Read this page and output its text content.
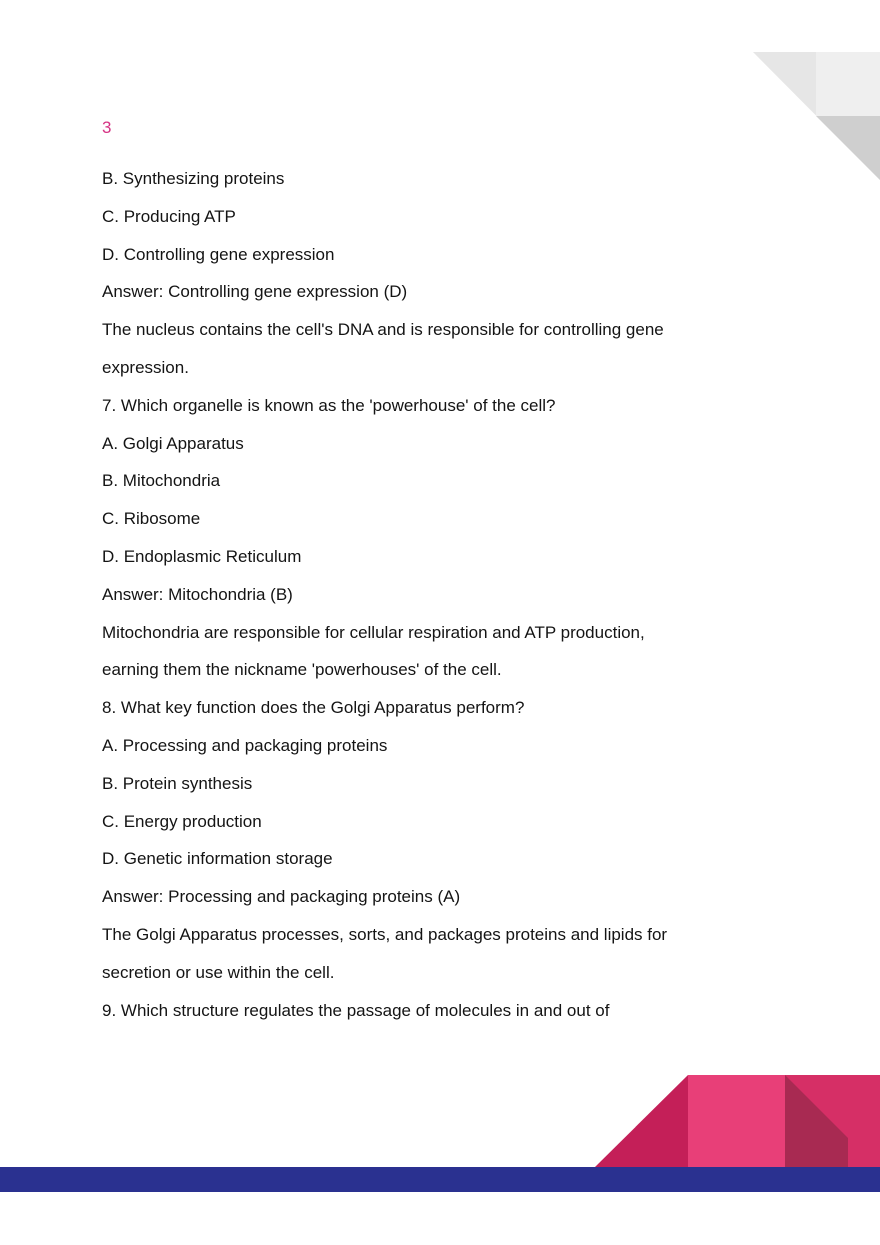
3
B. Synthesizing proteins
C. Producing ATP
D. Controlling gene expression
Answer: Controlling gene expression (D)
The nucleus contains the cell's DNA and is responsible for controlling gene
expression.
7. Which organelle is known as the 'powerhouse' of the cell?
A. Golgi Apparatus
B. Mitochondria
C. Ribosome
D. Endoplasmic Reticulum
Answer: Mitochondria (B)
Mitochondria are responsible for cellular respiration and ATP production,
earning them the nickname 'powerhouses' of the cell.
8. What key function does the Golgi Apparatus perform?
A. Processing and packaging proteins
B. Protein synthesis
C. Energy production
D. Genetic information storage
Answer: Processing and packaging proteins (A)
The Golgi Apparatus processes, sorts, and packages proteins and lipids for
secretion or use within the cell.
9. Which structure regulates the passage of molecules in and out of
